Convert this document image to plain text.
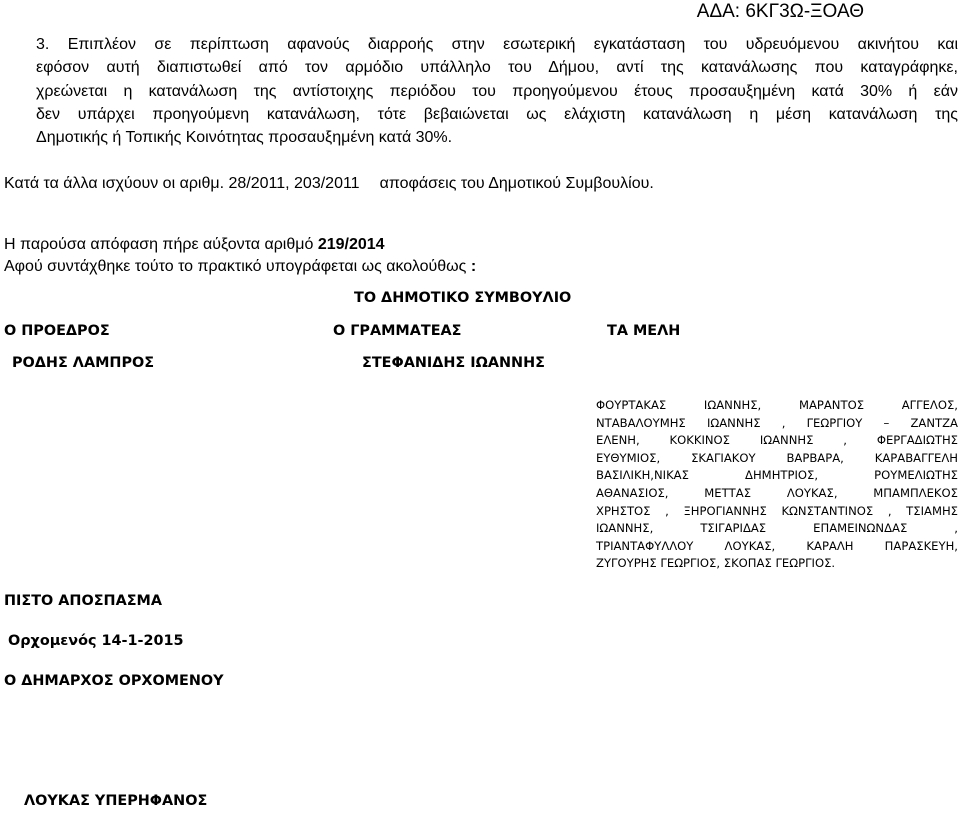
ΑΔΑ: 6ΚΓ3Ω-ΞΟΑΘ
3. Επιπλέον σε περίπτωση αφανούς διαρροής στην εσωτερική εγκατάσταση του υδρευόμενου ακινήτου και
εφόσον αυτή διαπιστωθεί από τον αρμόδιο υπάλληλο του Δήμου, αντί της κατανάλωσης που καταγράφηκε,
χρεώνεται η κατανάλωση της αντίστοιχης περιόδου του προηγούμενου έτους προσαυξημένη κατά 30% ή εάν
δεν υπάρχει προηγούμενη κατανάλωση, τότε βεβαιώνεται ως ελάχιστη κατανάλωση η μέση κατανάλωση της
Δημοτικής ή Τοπικής Κοινότητας προσαυξημένη κατά 30%.
Κατά τα άλλα ισχύουν οι αριθμ. 28/2011, 203/2011 αποφάσεις του Δημοτικού Συμβουλίου.
Η παρούσα απόφαση πήρε αύξοντα αριθμό 219/2014
Αφού συντάχθηκε τούτο το πρακτικό υπογράφεται ως ακολούθως :
ΤΟ ΔΗΜΟΤΙΚΟ ΣΥΜΒΟΥΛΙΟ
Ο ΠΡΟΕΔΡΟΣ	Ο ΓΡΑΜΜΑΤΕΑΣ	ΤΑ ΜΕΛΗ
ΡΟΔΗΣ ΛΑΜΠΡΟΣ	ΣΤΕΦΑΝΙΔΗΣ ΙΩΑΝΝΗΣ
ΦΟΥΡΤΑΚΑΣ ΙΩΑΝΝΗΣ, ΜΑΡΑΝΤΟΣ ΑΓΓΕΛΟΣ,
ΝΤΑΒΑΛΟΥΜΗΣ ΙΩΑΝΝΗΣ , ΓΕΩΡΓΙΟΥ – ΖΑΝΤΖΑ
ΕΛΕΝΗ, ΚΟΚΚΙΝΟΣ ΙΩΑΝΝΗΣ , ΦΕΡΓΑΔΙΩΤΗΣ
ΕΥΘΥΜΙΟΣ, ΣΚΑΓΙΑΚΟΥ ΒΑΡΒΑΡΑ, ΚΑΡΑΒΑΓΓΕΛΗ
ΒΑΣΙΛΙΚΗ,ΝΙΚΑΣ ΔΗΜΗΤΡΙΟΣ, ΡΟΥΜΕΛΙΩΤΗΣ
ΑΘΑΝΑΣΙΟΣ, ΜΕΤΤΑΣ ΛΟΥΚΑΣ, ΜΠΑΜΠΛΕΚΟΣ
ΧΡΗΣΤΟΣ , ΞΗΡΟΓΙΑΝΝΗΣ ΚΩΝΣΤΑΝΤΙΝΟΣ , ΤΣΙΑΜΗΣ
ΙΩΑΝΝΗΣ, ΤΣΙΓΑΡΙΔΑΣ ΕΠΑΜΕΙΝΩΝΔΑΣ ,
ΤΡΙΑΝΤΑΦΥΛΛΟΥ ΛΟΥΚΑΣ, ΚΑΡΑΛΗ ΠΑΡΑΣΚΕΥΗ,
ΖΥΓΟΥΡΗΣ ΓΕΩΡΓΙΟΣ, ΣΚΟΠΑΣ ΓΕΩΡΓΙΟΣ.
ΠΙΣΤΟ ΑΠΟΣΠΑΣΜΑ
Ορχομενός 14-1-2015
Ο ΔΗΜΑΡΧΟΣ ΟΡΧΟΜΕΝΟΥ
ΛΟΥΚΑΣ ΥΠΕΡΗΦΑΝΟΣ
